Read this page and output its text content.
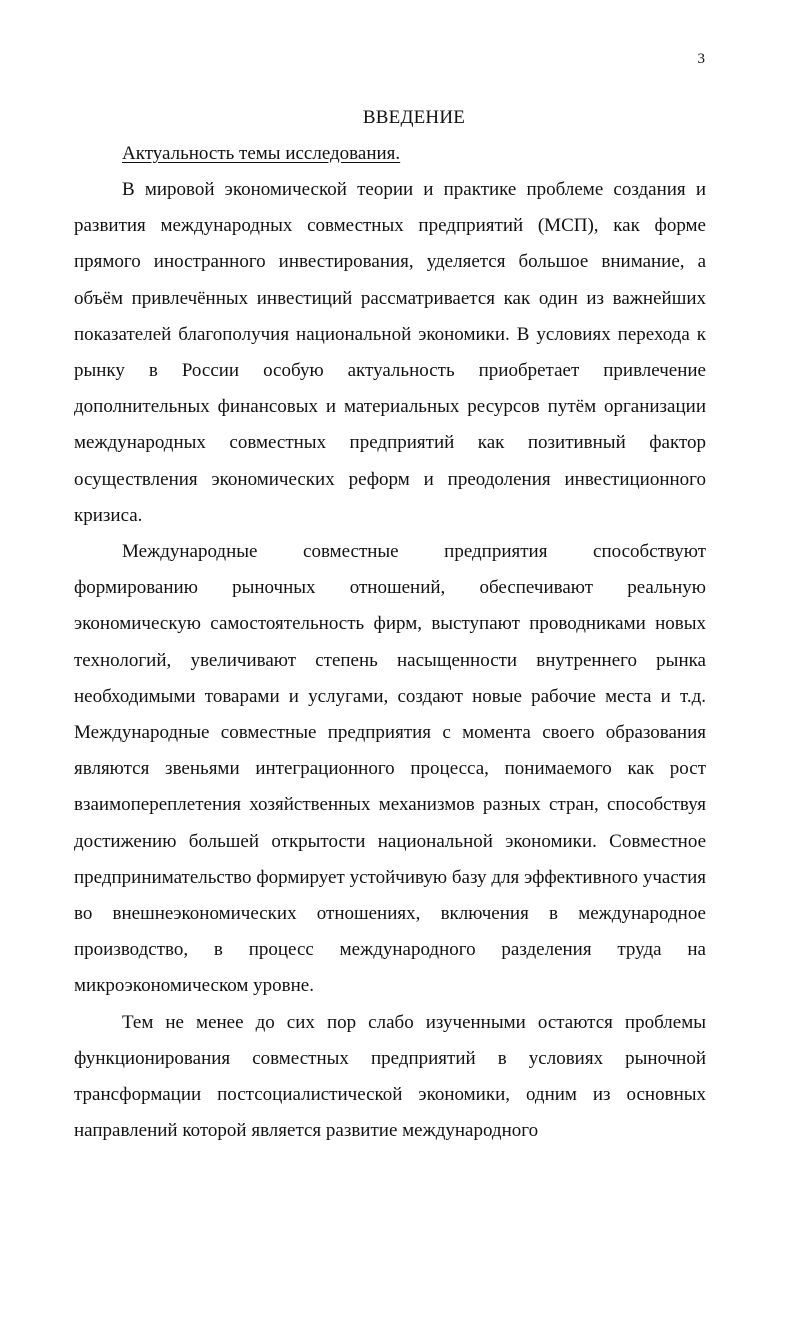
3
ВВЕДЕНИЕ

Актуальность темы исследования.

В мировой экономической теории и практике проблеме создания и развития международных совместных предприятий (МСП), как форме прямого иностранного инвестирования, уделяется большое внимание, а объём привлечённых инвестиций рассматривается как один из важнейших показателей благополучия национальной экономики. В условиях перехода к рынку в России особую актуальность приобретает привлечение дополнительных финансовых и материальных ресурсов путём организации международных совместных предприятий как позитивный фактор осуществления экономических реформ и преодоления инвестиционного кризиса.

Международные совместные предприятия способствуют формированию рыночных отношений, обеспечивают реальную экономическую самостоятельность фирм, выступают проводниками новых технологий, увеличивают степень насыщенности внутреннего рынка необходимыми товарами и услугами, создают новые рабочие места и т.д. Международные совместные предприятия с момента своего образования являются звеньями интеграционного процесса, понимаемого как рост взаимопереплетения хозяйственных механизмов разных стран, способствуя достижению большей открытости национальной экономики. Совместное предпринимательство формирует устойчивую базу для эффективного участия во внешнеэкономических отношениях, включения в международное производство, в процесс международного разделения труда на микроэкономическом уровне.

Тем не менее до сих пор слабо изученными остаются проблемы функционирования совместных предприятий в условиях рыночной трансформации постсоциалистической экономики, одним из основных направлений которой является развитие международного
